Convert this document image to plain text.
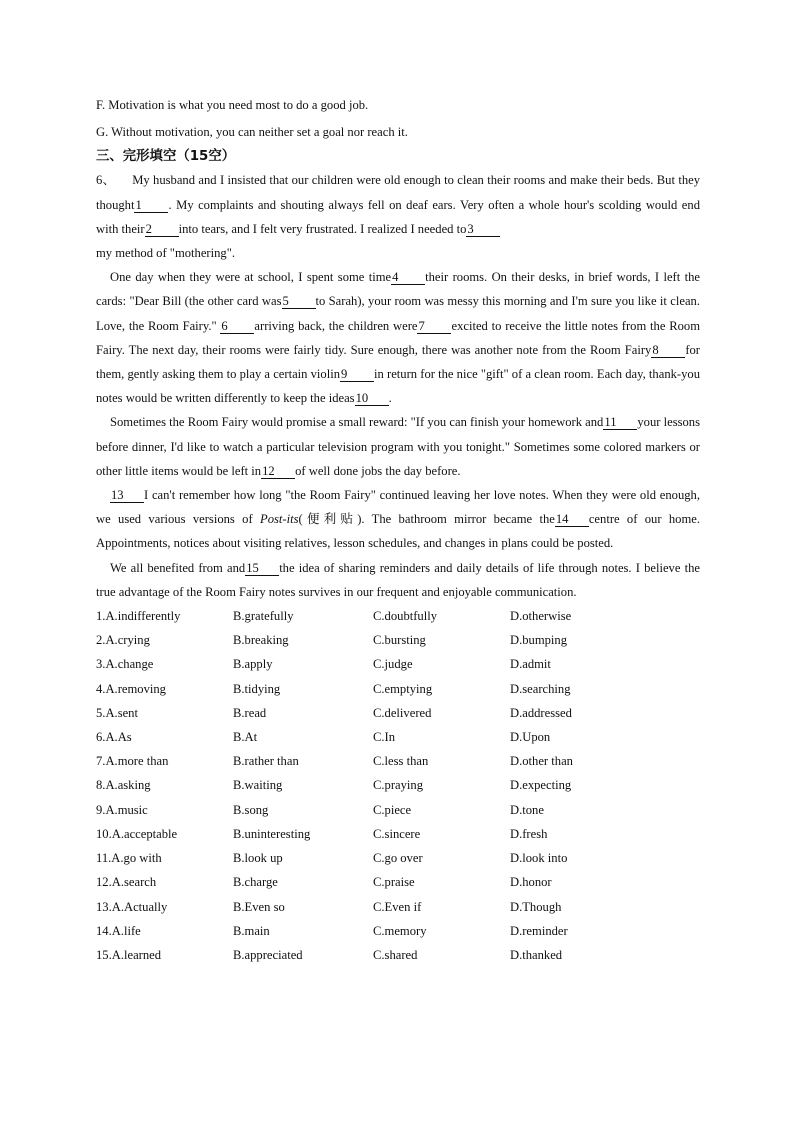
F. Motivation is what you need most to do a good job.
G. Without motivation, you can neither set a goal nor reach it.
三、完形填空（15空）
6、 My husband and I insisted that our children were old enough to clean their rooms and make their beds. But they thought1 . My complaints and shouting always fell on deaf ears. Very often a whole hour's scolding would end with their2 into tears, and I felt very frustrated. I realized I needed to3
my method of "mothering".
One day when they were at school, I spent some time4 their rooms. On their desks, in brief words, I left the cards: "Dear Bill (the other card was5 to Sarah), your room was messy this morning and I'm sure you like it clean. Love, the Room Fairy." 6 arriving back, the children were7 excited to receive the little notes from the Room Fairy. The next day, their rooms were fairly tidy. Sure enough, there was another note from the Room Fairy8 for them, gently asking them to play a certain violin9 in return for the nice "gift" of a clean room. Each day, thank-you notes would be written differently to keep the ideas10 .
Sometimes the Room Fairy would promise a small reward: "If you can finish your homework and11 your lessons before dinner, I'd like to watch a particular television program with you tonight." Sometimes some colored markers or other little items would be left in12 of well done jobs the day before.
13 I can't remember how long "the Room Fairy" continued leaving her love notes. When they were old enough, we used various versions of Post-its(便利贴). The bathroom mirror became the14 centre of our home. Appointments, notices about visiting relatives, lesson schedules, and changes in plans could be posted.
We all benefited from and15 the idea of sharing reminders and daily details of life through notes. I believe the true advantage of the Room Fairy notes survives in our frequent and enjoyable communication.
1.A.indifferently	B.gratefully	C.doubtfully	D.otherwise
2.A.crying	B.breaking	C.bursting	D.bumping
3.A.change	B.apply	C.judge	D.admit
4.A.removing	B.tidying	C.emptying	D.searching
5.A.sent	B.read	C.delivered	D.addressed
6.A.As	B.At	C.In	D.Upon
7.A.more than	B.rather than	C.less than	D.other than
8.A.asking	B.waiting	C.praying	D.expecting
9.A.music	B.song	C.piece	D.tone
10.A.acceptable	B.uninteresting	C.sincere	D.fresh
11.A.go with	B.look up	C.go over	D.look into
12.A.search	B.charge	C.praise	D.honor
13.A.Actually	B.Even so	C.Even if	D.Though
14.A.life	B.main	C.memory	D.reminder
15.A.learned	B.appreciated	C.shared	D.thanked
